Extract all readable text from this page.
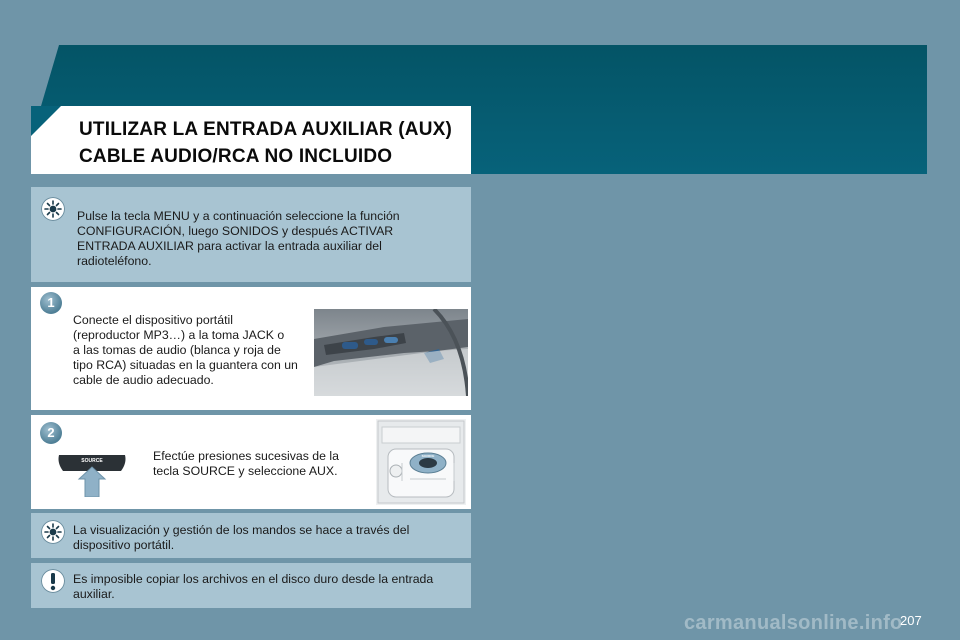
UTILIZAR LA ENTRADA AUXILIAR (AUX)
CABLE AUDIO/RCA NO INCLUIDO
Pulse la tecla MENU y a continuación seleccione la función
CONFIGURACIÓN, luego SONIDOS y después ACTIVAR
ENTRADA AUXILIAR para activar la entrada auxiliar del
radioteléfono.
1
Conecte el dispositivo portátil
(reproductor MP3…) a la toma JACK o
a las tomas de audio (blanca y roja de
tipo RCA) situadas en la guantera con un
cable de audio adecuado.
2
SOURCE	Efectúe presiones sucesivas de la
tecla SOURCE y seleccione AUX.
SOURCE
La visualización y gestión de los mandos se hace a través del
dispositivo portátil.
Es imposible copiar los archivos en el disco duro desde la entrada
auxiliar.
carmanualsonline.info
207
